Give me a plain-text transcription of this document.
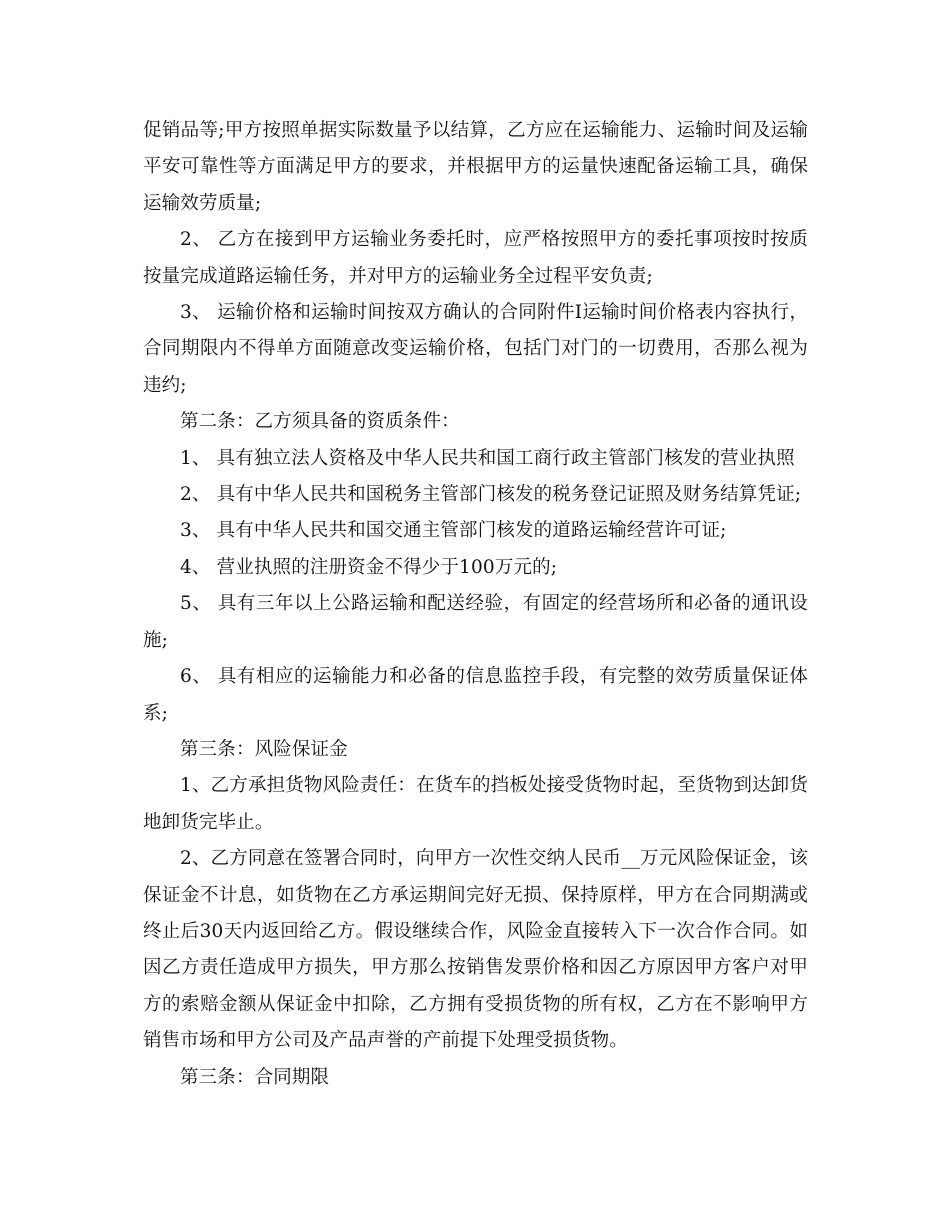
促销品等;甲方按照单据实际数量予以结算，乙方应在运输能力、运输时间及运输平安可靠性等方面满足甲方的要求，并根据甲方的运量快速配备运输工具，确保运输效劳质量;

2、 乙方在接到甲方运输业务委托时，应严格按照甲方的委托事项按时按质按量完成道路运输任务，并对甲方的运输业务全过程平安负责;

3、 运输价格和运输时间按双方确认的合同附件Ⅰ运输时间价格表内容执行，合同期限内不得单方面随意改变运输价格，包括门对门的一切费用，否那么视为违约;

第二条：乙方须具备的资质条件：

1、 具有独立法人资格及中华人民共和国工商行政主管部门核发的营业执照

2、 具有中华人民共和国税务主管部门核发的税务登记证照及财务结算凭证;

3、 具有中华人民共和国交通主管部门核发的道路运输经营许可证;

4、 营业执照的注册资金不得少于100万元的;

5、 具有三年以上公路运输和配送经验，有固定的经营场所和必备的通讯设施;

6、 具有相应的运输能力和必备的信息监控手段，有完整的效劳质量保证体系;

第三条：风险保证金

1、乙方承担货物风险责任：在货车的挡板处接受货物时起，至货物到达卸货地卸货完毕止。

2、乙方同意在签署合同时，向甲方一次性交纳人民币__万元风险保证金，该保证金不计息，如货物在乙方承运期间完好无损、保持原样，甲方在合同期满或终止后30天内返回给乙方。假设继续合作，风险金直接转入下一次合作合同。如因乙方责任造成甲方损失，甲方那么按销售发票价格和因乙方原因甲方客户对甲方的索赔金额从保证金中扣除，乙方拥有受损货物的所有权，乙方在不影响甲方销售市场和甲方公司及产品声誉的产前提下处理受损货物。

第三条：合同期限
